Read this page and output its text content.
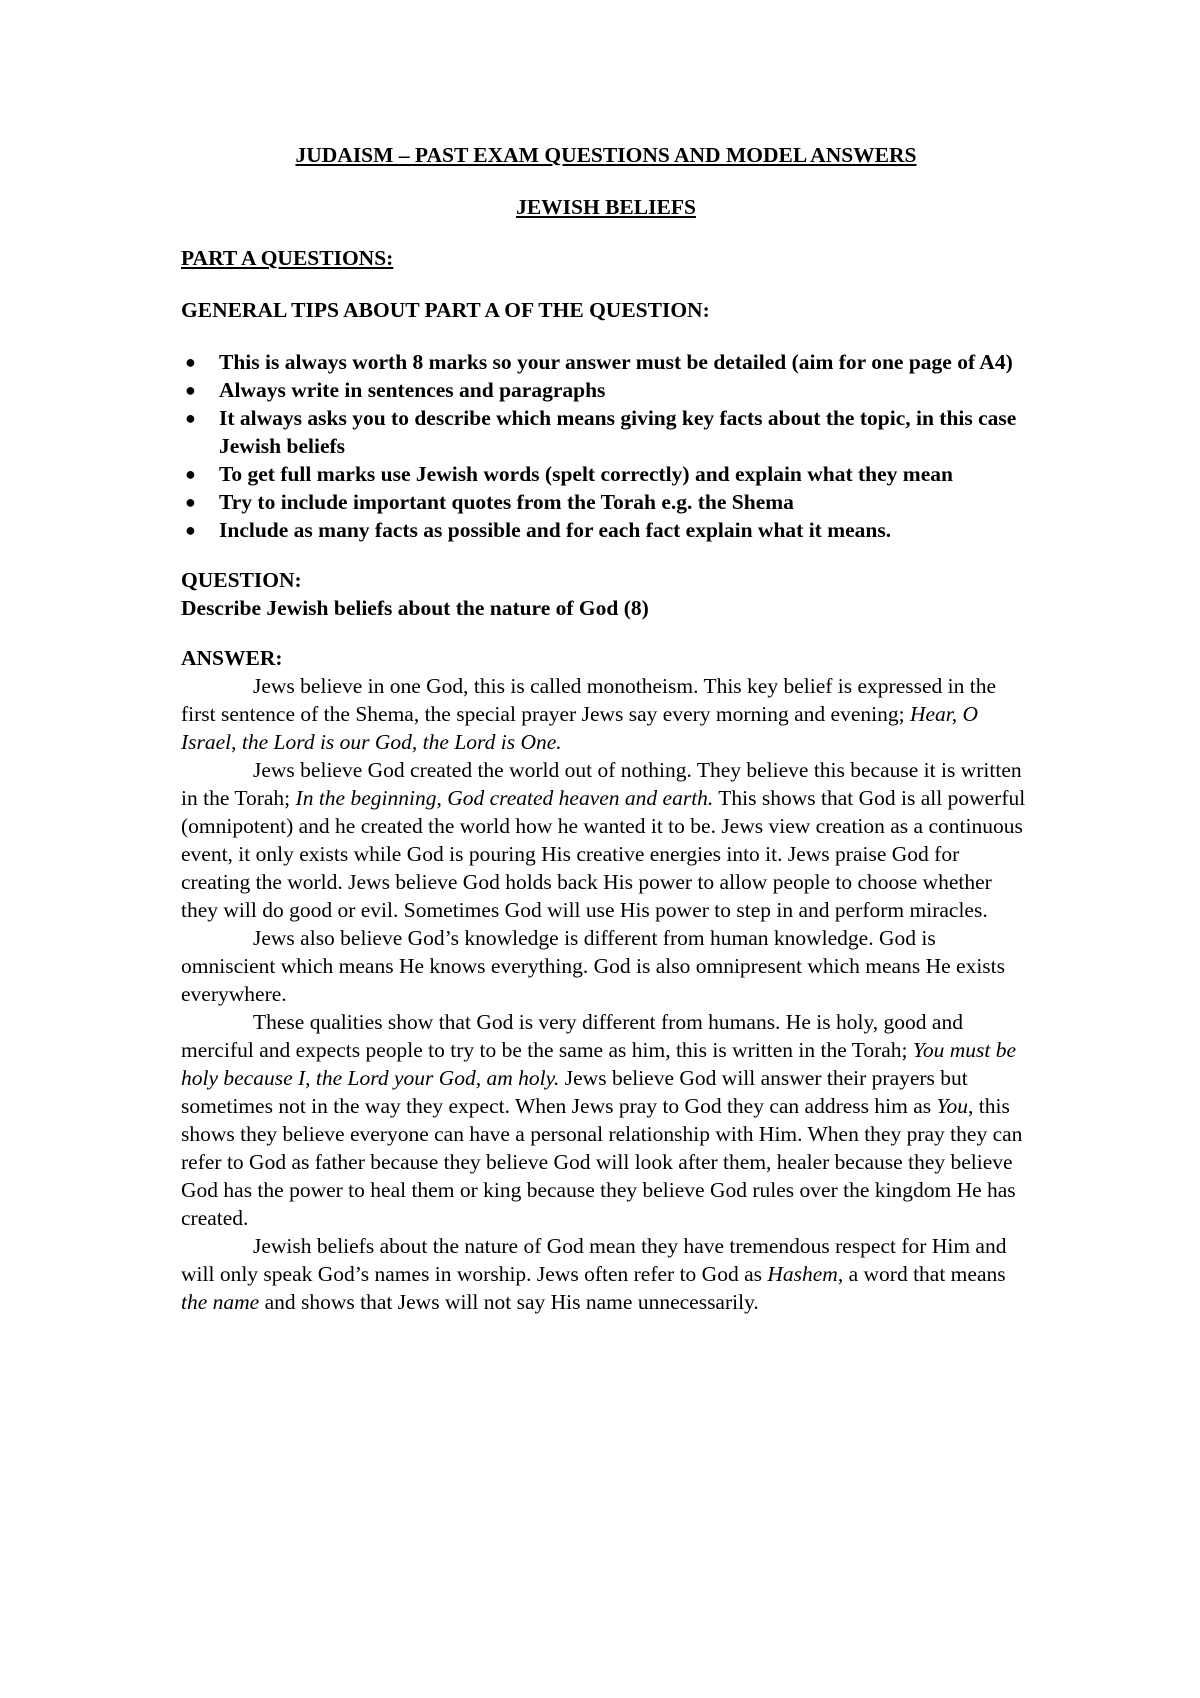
JUDAISM – PAST EXAM QUESTIONS AND MODEL ANSWERS
JEWISH BELIEFS
PART A QUESTIONS:
GENERAL TIPS ABOUT PART A OF THE QUESTION:
● This is always worth 8 marks so your answer must be detailed (aim for one page of A4)
● Always write in sentences and paragraphs
● It always asks you to describe which means giving key facts about the topic, in this case Jewish beliefs
● To get full marks use Jewish words (spelt correctly) and explain what they mean
● Try to include important quotes from the Torah e.g. the Shema
● Include as many facts as possible and for each fact explain what it means.
QUESTION:
Describe Jewish beliefs about the nature of God (8)
ANSWER:

Jews believe in one God, this is called monotheism. This key belief is expressed in the first sentence of the Shema, the special prayer Jews say every morning and evening; Hear, O Israel, the Lord is our God, the Lord is One.

Jews believe God created the world out of nothing. They believe this because it is written in the Torah; In the beginning, God created heaven and earth. This shows that God is all powerful (omnipotent) and he created the world how he wanted it to be. Jews view creation as a continuous event, it only exists while God is pouring His creative energies into it. Jews praise God for creating the world. Jews believe God holds back His power to allow people to choose whether they will do good or evil. Sometimes God will use His power to step in and perform miracles.

Jews also believe God’s knowledge is different from human knowledge. God is omniscient which means He knows everything. God is also omnipresent which means He exists everywhere.

These qualities show that God is very different from humans. He is holy, good and merciful and expects people to try to be the same as him, this is written in the Torah; You must be holy because I, the Lord your God, am holy. Jews believe God will answer their prayers but sometimes not in the way they expect. When Jews pray to God they can address him as You, this shows they believe everyone can have a personal relationship with Him. When they pray they can refer to God as father because they believe God will look after them, healer because they believe God has the power to heal them or king because they believe God rules over the kingdom He has created.

Jewish beliefs about the nature of God mean they have tremendous respect for Him and will only speak God’s names in worship. Jews often refer to God as Hashem, a word that means the name and shows that Jews will not say His name unnecessarily.
